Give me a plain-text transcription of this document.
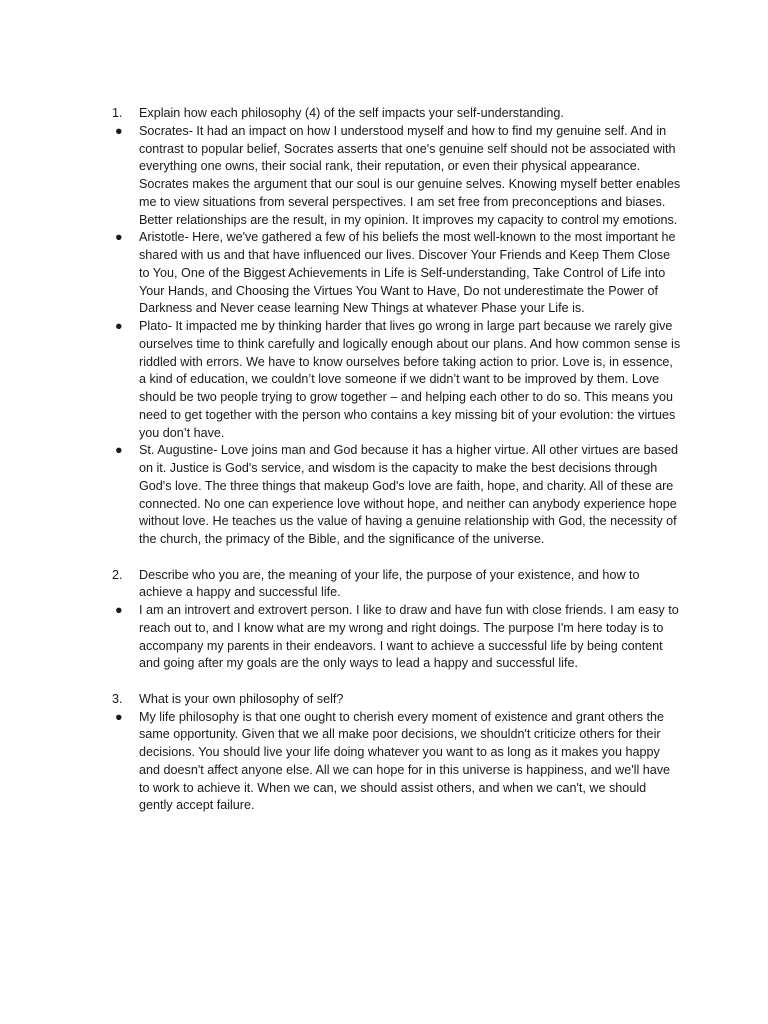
1.	Explain how each philosophy (4) of the self impacts your self-understanding.
●	Socrates- It had an impact on how I understood myself and how to find my genuine self. And in contrast to popular belief, Socrates asserts that one's genuine self should not be associated with everything one owns, their social rank, their reputation, or even their physical appearance. Socrates makes the argument that our soul is our genuine selves. Knowing myself better enables me to view situations from several perspectives. I am set free from preconceptions and biases. Better relationships are the result, in my opinion. It improves my capacity to control my emotions.
●	Aristotle- Here, we've gathered a few of his beliefs the most well-known to the most important he shared with us and that have influenced our lives. Discover Your Friends and Keep Them Close to You, One of the Biggest Achievements in Life is Self-understanding, Take Control of Life into Your Hands, and Choosing the Virtues You Want to Have, Do not underestimate the Power of Darkness and Never cease learning New Things at whatever Phase your Life is.
●	Plato- It impacted me by thinking harder that lives go wrong in large part because we rarely give ourselves time to think carefully and logically enough about our plans. And how common sense is riddled with errors. We have to know ourselves before taking action to prior. Love is, in essence, a kind of education, we couldn’t love someone if we didn’t want to be improved by them. Love should be two people trying to grow together – and helping each other to do so. This means you need to get together with the person who contains a key missing bit of your evolution: the virtues you don’t have.
●	St. Augustine- Love joins man and God because it has a higher virtue. All other virtues are based on it. Justice is God's service, and wisdom is the capacity to make the best decisions through God's love. The three things that makeup God's love are faith, hope, and charity. All of these are connected. No one can experience love without hope, and neither can anybody experience hope without love. He teaches us the value of having a genuine relationship with God, the necessity of the church, the primacy of the Bible, and the significance of the universe.
2.	Describe who you are, the meaning of your life, the purpose of your existence, and how to achieve a happy and successful life.
●	I am an introvert and extrovert person. I like to draw and have fun with close friends. I am easy to reach out to, and I know what are my wrong and right doings. The purpose I'm here today is to accompany my parents in their endeavors. I want to achieve a successful life by being content and going after my goals are the only ways to lead a happy and successful life.
3.	What is your own philosophy of self?
●	My life philosophy is that one ought to cherish every moment of existence and grant others the same opportunity. Given that we all make poor decisions, we shouldn't criticize others for their decisions. You should live your life doing whatever you want to as long as it makes you happy and doesn't affect anyone else. All we can hope for in this universe is happiness, and we'll have to work to achieve it. When we can, we should assist others, and when we can't, we should gently accept failure.
